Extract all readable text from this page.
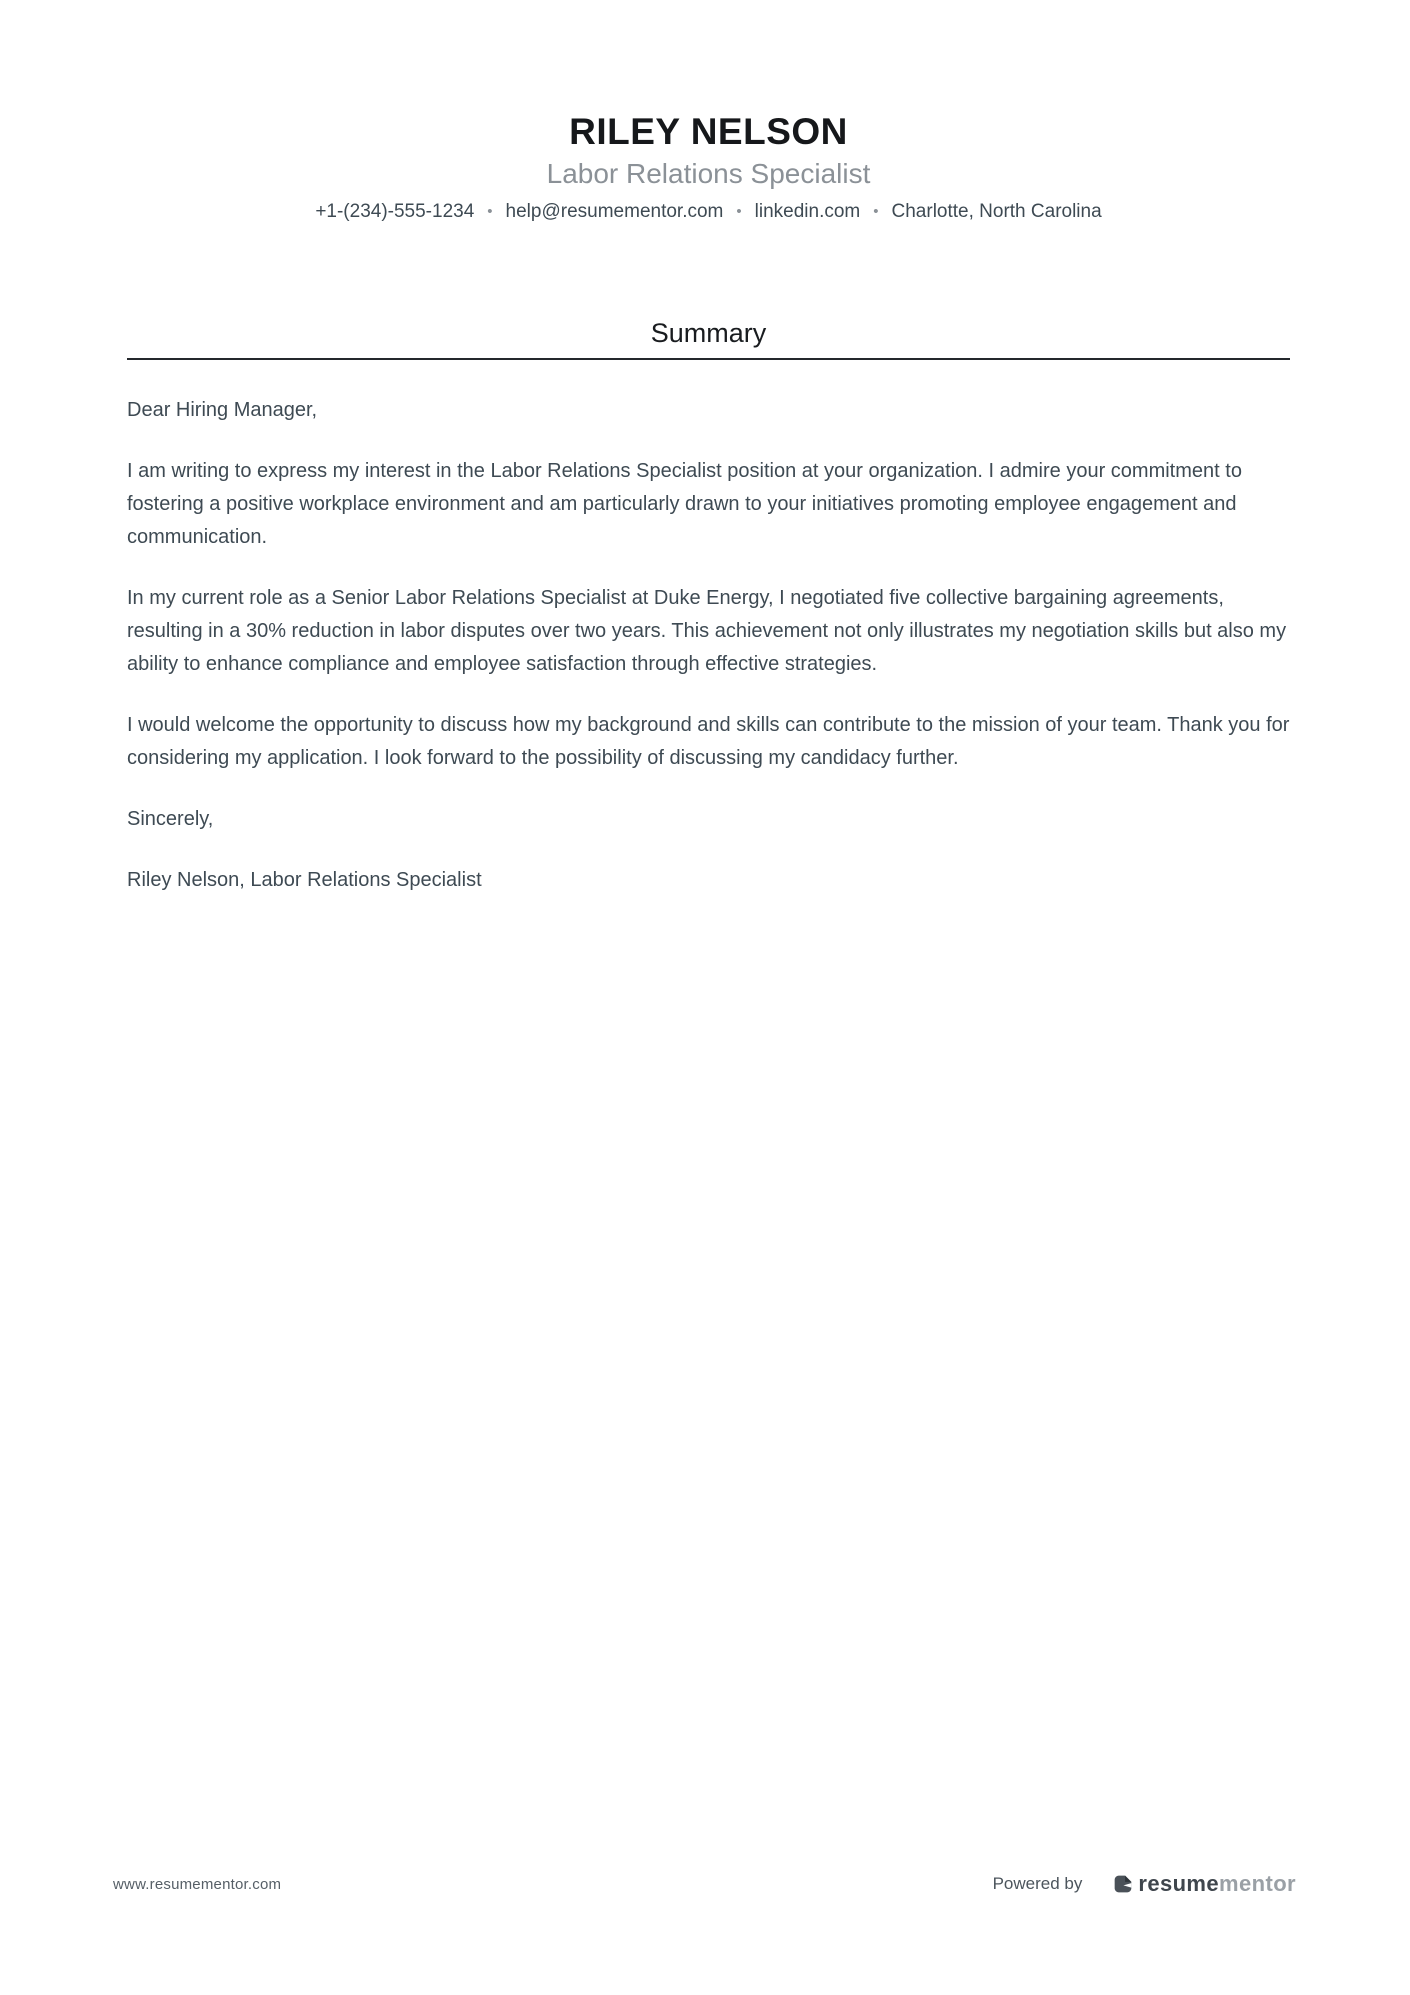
RILEY NELSON
Labor Relations Specialist
+1-(234)-555-1234 • help@resumementor.com • linkedin.com • Charlotte, North Carolina
Summary

Dear Hiring Manager,

I am writing to express my interest in the Labor Relations Specialist position at your organization. I admire your commitment to fostering a positive workplace environment and am particularly drawn to your initiatives promoting employee engagement and communication.

In my current role as a Senior Labor Relations Specialist at Duke Energy, I negotiated five collective bargaining agreements, resulting in a 30% reduction in labor disputes over two years. This achievement not only illustrates my negotiation skills but also my ability to enhance compliance and employee satisfaction through effective strategies.

I would welcome the opportunity to discuss how my background and skills can contribute to the mission of your team. Thank you for considering my application. I look forward to the possibility of discussing my candidacy further.

Sincerely,

Riley Nelson, Labor Relations Specialist

www.resumementor.com	Powered by	resume mentor
